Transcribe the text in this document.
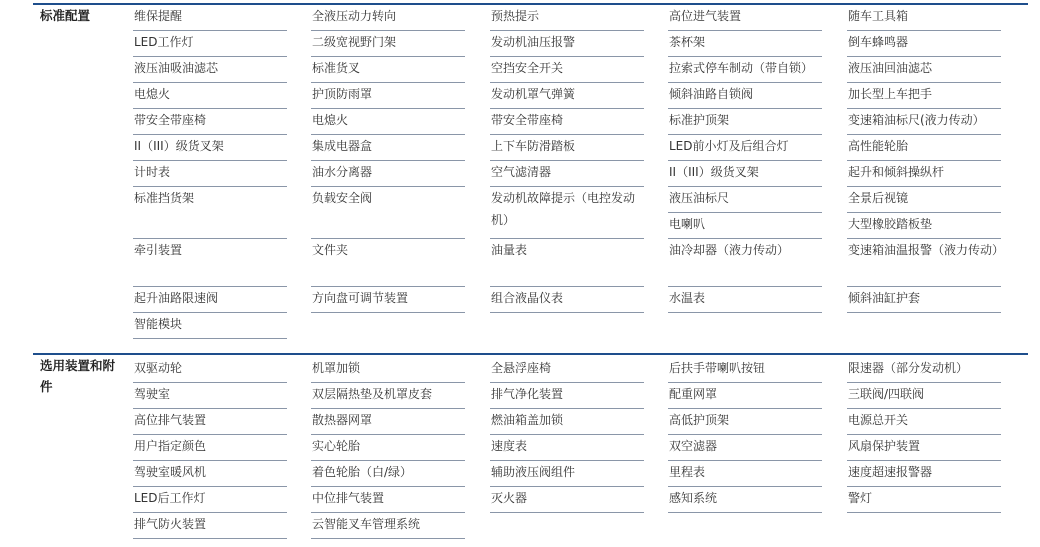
标准配置
选用装置和附件
维保提醒
LED工作灯
液压油吸油滤芯
电熄火
带安全带座椅
II（III）级货叉架
计时表
标准挡货架
牵引装置
起升油路限速阀
智能模块
全液压动力转向
二级宽视野门架
标准货叉
护顶防雨罩
电熄火
集成电器盒
油水分离器
负载安全阀
文件夹
方向盘可调节装置
预热提示
发动机油压报警
空挡安全开关
发动机罩气弹簧
带安全带座椅
上下车防滑踏板
空气滤清器
发动机故障提示（电控发动机）
油量表
组合液晶仪表
高位进气装置
茶杯架
拉索式停车制动（带自锁）
倾斜油路自锁阀
标准护顶架
LED前小灯及后组合灯
II（III）级货叉架
液压油标尺
电喇叭
油冷却器（液力传动）
水温表
随车工具箱
倒车蜂鸣器
液压油回油滤芯
加长型上车把手
变速箱油标尺(液力传动）
高性能轮胎
起升和倾斜操纵杆
全景后视镜
大型橡胶踏板垫
变速箱油温报警（液力传动）
倾斜油缸护套
双驱动轮
驾驶室
高位排气装置
用户指定颜色
驾驶室暖风机
LED后工作灯
排气防火装置
机罩加锁
双层隔热垫及机罩皮套
散热器网罩
实心轮胎
着色轮胎（白/绿）
中位排气装置
云智能叉车管理系统
全悬浮座椅
排气净化装置
燃油箱盖加锁
速度表
辅助液压阀组件
灭火器
后扶手带喇叭按钮
配重网罩
高低护顶架
双空滤器
里程表
感知系统
限速器（部分发动机）
三联阀/四联阀
电源总开关
风扇保护装置
速度超速报警器
警灯
